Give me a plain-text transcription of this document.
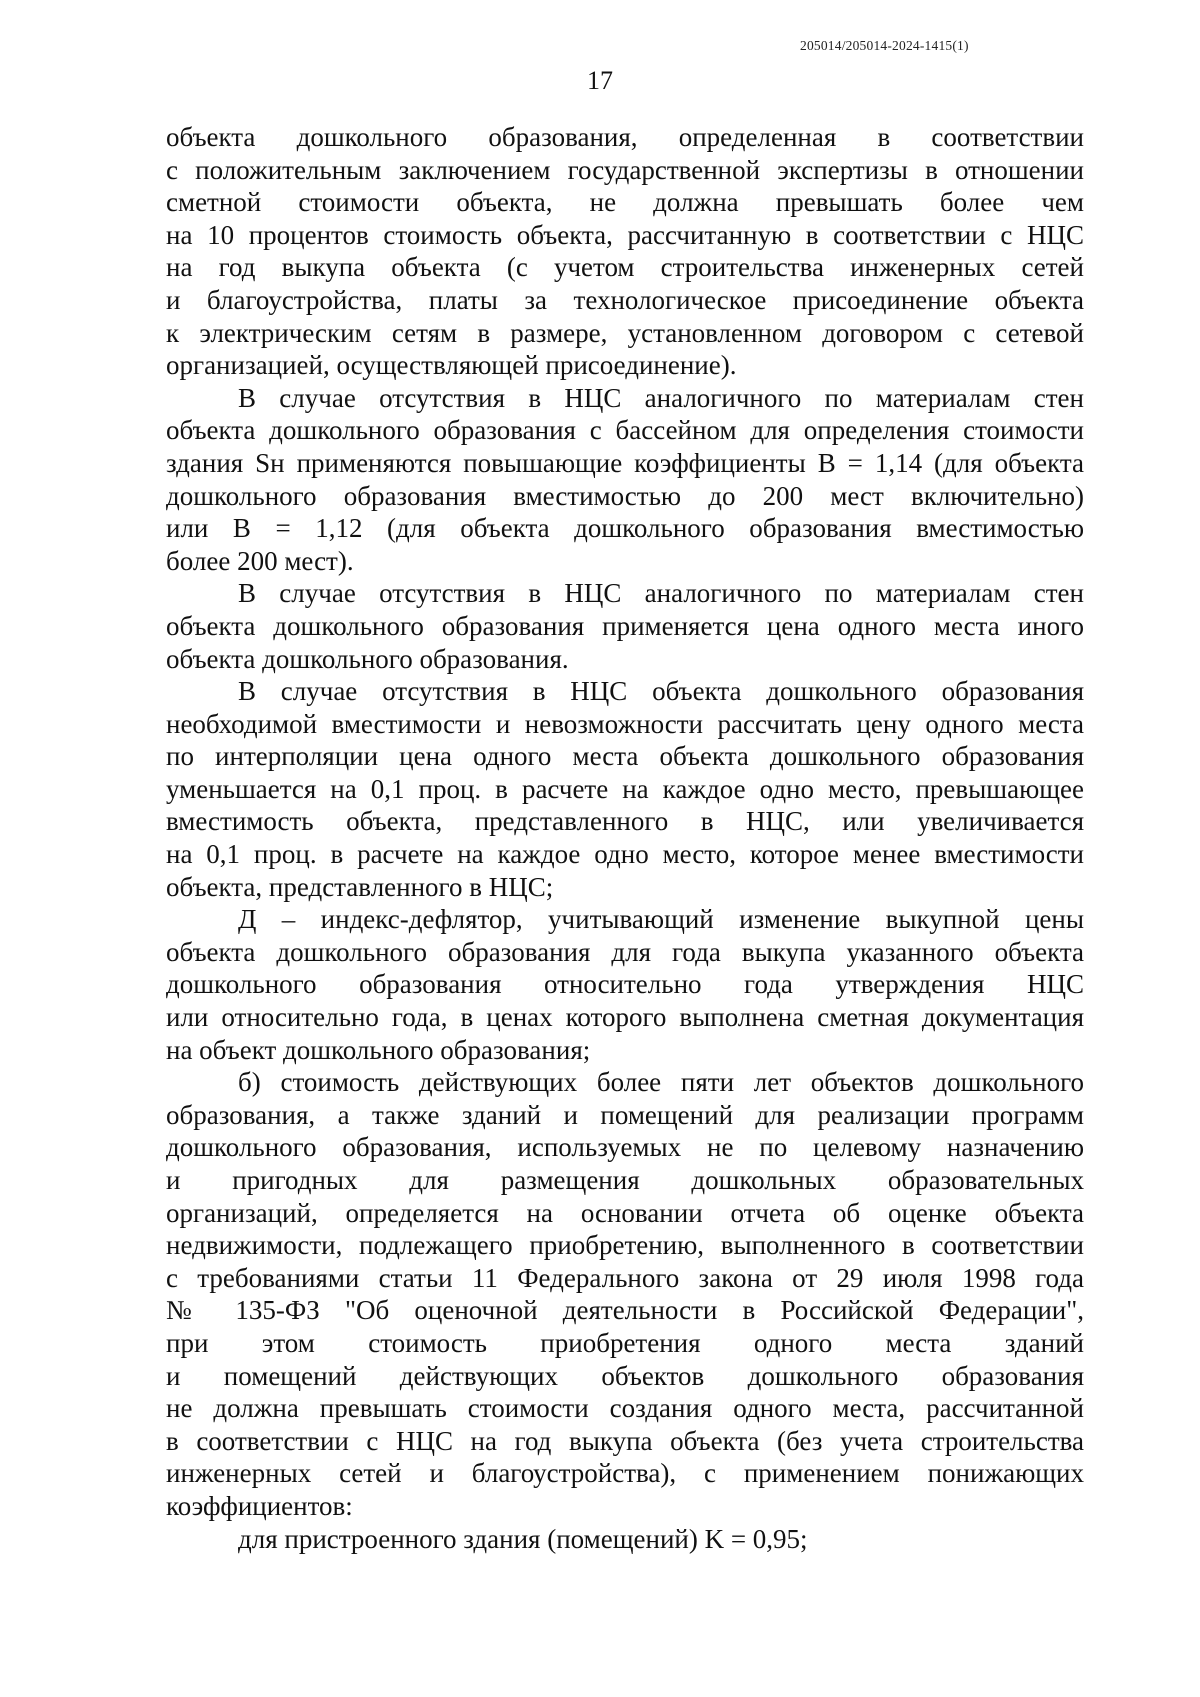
205014/205014-2024-1415(1)
17
объекта дошкольного образования, определенная в соответствии
с положительным заключением государственной экспертизы в отношении
сметной стоимости объекта, не должна превышать более чем
на 10 процентов стоимость объекта, рассчитанную в соответствии с НЦС
на год выкупа объекта (с учетом строительства инженерных сетей
и благоустройства, платы за технологическое присоединение объекта
к электрическим сетям в размере, установленном договором с сетевой
организацией, осуществляющей присоединение).
В случае отсутствия в НЦС аналогичного по материалам стен
объекта дошкольного образования с бассейном для определения стоимости
здания Sн применяются повышающие коэффициенты B = 1,14 (для объекта
дошкольного образования вместимостью до 200 мест включительно)
или B = 1,12 (для объекта дошкольного образования вместимостью
более 200 мест).
В случае отсутствия в НЦС аналогичного по материалам стен
объекта дошкольного образования применяется цена одного места иного
объекта дошкольного образования.
В случае отсутствия в НЦС объекта дошкольного образования
необходимой вместимости и невозможности рассчитать цену одного места
по интерполяции цена одного места объекта дошкольного образования
уменьшается на 0,1 проц. в расчете на каждое одно место, превышающее
вместимость объекта, представленного в НЦС, или увеличивается
на 0,1 проц. в расчете на каждое одно место, которое менее вместимости
объекта, представленного в НЦС;
Д – индекс-дефлятор, учитывающий изменение выкупной цены
объекта дошкольного образования для года выкупа указанного объекта
дошкольного образования относительно года утверждения НЦС
или относительно года, в ценах которого выполнена сметная документация
на объект дошкольного образования;
б) стоимость действующих более пяти лет объектов дошкольного
образования, а также зданий и помещений для реализации программ
дошкольного образования, используемых не по целевому назначению
и пригодных для размещения дошкольных образовательных
организаций, определяется на основании отчета об оценке объекта
недвижимости, подлежащего приобретению, выполненного в соответствии
с требованиями статьи 11 Федерального закона от 29 июля 1998 года
№ 135-ФЗ "Об оценочной деятельности в Российской Федерации",
при этом стоимость приобретения одного места зданий
и помещений действующих объектов дошкольного образования
не должна превышать стоимости создания одного места, рассчитанной
в соответствии с НЦС на год выкупа объекта (без учета строительства
инженерных сетей и благоустройства), с применением понижающих
коэффициентов:
для пристроенного здания (помещений) K = 0,95;
